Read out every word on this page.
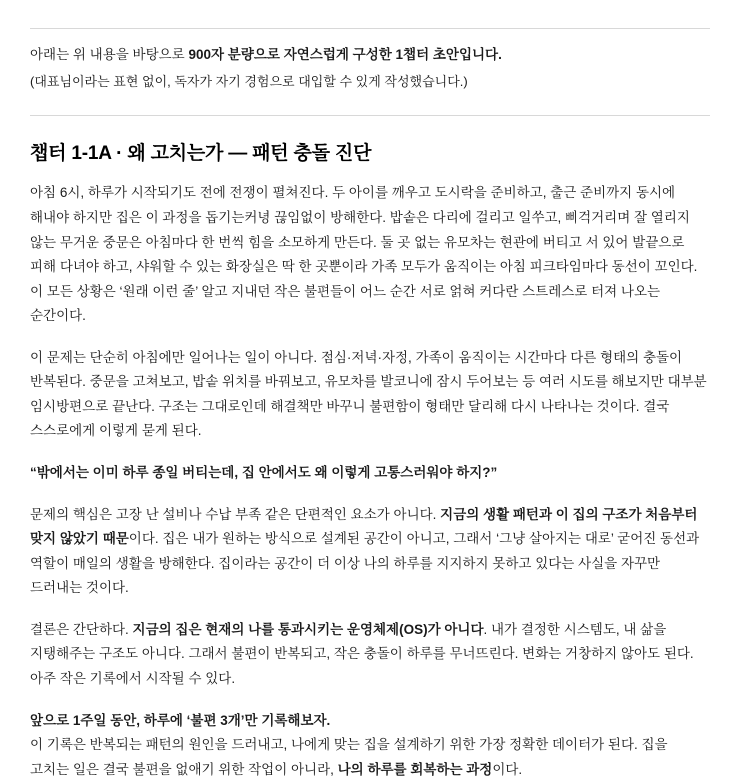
아래는 위 내용을 바탕으로 900자 분량으로 자연스럽게 구성한 1챕터 초안입니다.

(대표님이라는 표현 없이, 독자가 자기 경험으로 대입할 수 있게 작성했습니다.)

챕터 1-1A · 왜 고치는가 — 패턴 충돌 진단

아침 6시, 하루가 시작되기도 전에 전쟁이 펼쳐진다. 두 아이를 깨우고 도시락을 준비하고, 출근 준비까지 동시에 해내야 하지만 집은 이 과정을 돕기는커녕 끊임없이 방해한다. 밥솥은 다리에 걸리고 일쑤고, 삐걱거리며 잘 열리지 않는 무거운 중문은 아침마다 한 번씩 힘을 소모하게 만든다. 둘 곳 없는 유모차는 현관에 버티고 서 있어 발끝으로 피해 다녀야 하고, 샤워할 수 있는 화장실은 딱 한 곳뿐이라 가족 모두가 움직이는 아침 피크타임마다 동선이 꼬인다. 이 모든 상황은 ‘원래 이런 줄’ 알고 지내던 작은 불편들이 어느 순간 서로 얽혀 커다란 스트레스로 터져 나오는 순간이다.

이 문제는 단순히 아침에만 일어나는 일이 아니다. 점심·저녁·자정, 가족이 움직이는 시간마다 다른 형태의 충돌이 반복된다. 중문을 고쳐보고, 밥솥 위치를 바꿔보고, 유모차를 발코니에 잠시 두어보는 등 여러 시도를 해보지만 대부분 임시방편으로 끝난다. 구조는 그대로인데 해결책만 바꾸니 불편함이 형태만 달리해 다시 나타나는 것이다. 결국 스스로에게 이렇게 묻게 된다.

“밖에서는 이미 하루 종일 버티는데, 집 안에서도 왜 이렇게 고통스러워야 하지?”

문제의 핵심은 고장 난 설비나 수납 부족 같은 단편적인 요소가 아니다. 지금의 생활 패턴과 이 집의 구조가 처음부터 맞지 않았기 때문이다. 집은 내가 원하는 방식으로 설계된 공간이 아니고, 그래서 ‘그냥 살아지는 대로’ 굳어진 동선과 역할이 매일의 생활을 방해한다. 집이라는 공간이 더 이상 나의 하루를 지지하지 못하고 있다는 사실을 자꾸만 드러내는 것이다.

결론은 간단하다. 지금의 집은 현재의 나를 통과시키는 운영체제(OS)가 아니다. 내가 결정한 시스템도, 내 삶을 지탱해주는 구조도 아니다. 그래서 불편이 반복되고, 작은 충돌이 하루를 무너뜨린다. 변화는 거창하지 않아도 된다. 아주 작은 기록에서 시작될 수 있다.

앞으로 1주일 동안, 하루에 ‘불편 3개’만 기록해보자.

이 기록은 반복되는 패턴의 원인을 드러내고, 나에게 맞는 집을 설계하기 위한 가장 정확한 데이터가 된다. 집을 고치는 일은 결국 불편을 없애기 위한 작업이 아니라, 나의 하루를 회복하는 과정이다.
